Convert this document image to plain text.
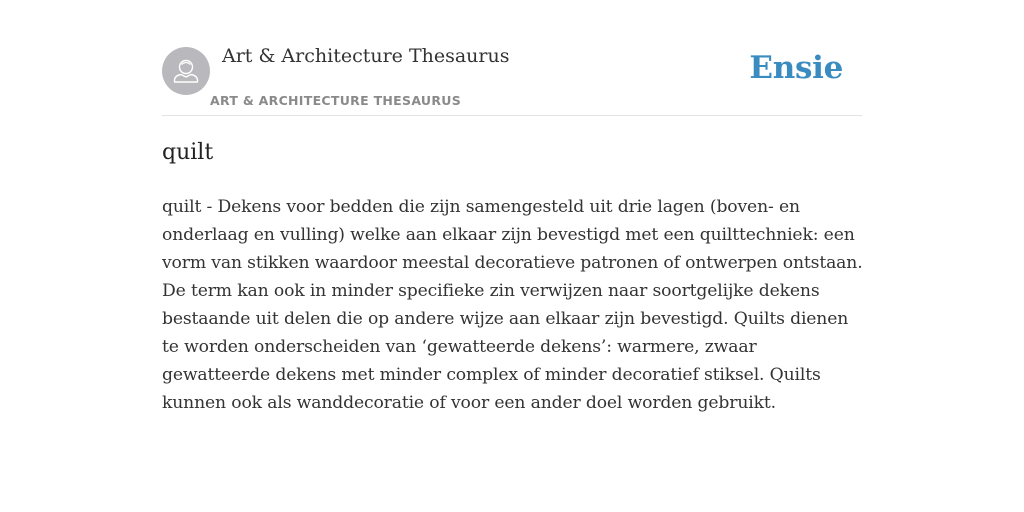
Art & Architecture Thesaurus
ART & ARCHITECTURE THESAURUS
Ensie
quilt

quilt - Dekens voor bedden die zijn samengesteld uit drie lagen (boven- en onderlaag en vulling) welke aan elkaar zijn bevestigd met een quilttechniek: een vorm van stikken waardoor meestal decoratieve patronen of ontwerpen ontstaan. De term kan ook in minder specifieke zin verwijzen naar soortgelijke dekens bestaande uit delen die op andere wijze aan elkaar zijn bevestigd. Quilts dienen te worden onderscheiden van ‘gewatteerde dekens’: warmere, zwaar gewatteerde dekens met minder complex of minder decoratief stiksel. Quilts kunnen ook als wanddecoratie of voor een ander doel worden gebruikt.
